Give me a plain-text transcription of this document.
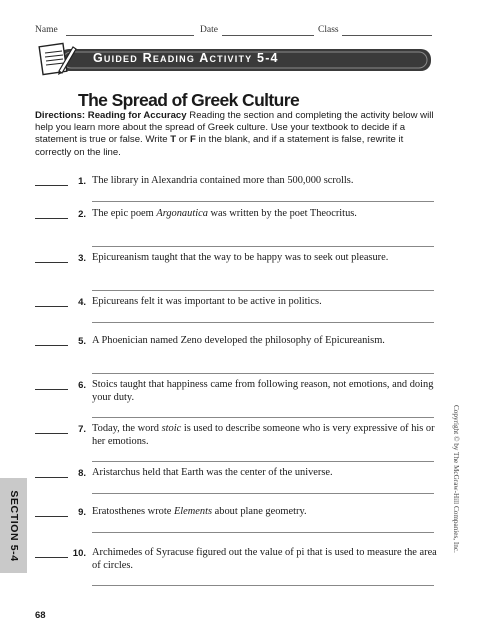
Name	Date	Class
Guided Reading Activity 5-4
The Spread of Greek Culture
Directions: Reading for Accuracy Reading the section and completing the activity below will help you learn more about the spread of Greek culture. Use your textbook to decide if a statement is true or false. Write T or F in the blank, and if a statement is false, rewrite it correctly on the line.
1. The library in Alexandria contained more than 500,000 scrolls.
2. The epic poem Argonautica was written by the poet Theocritus.
3. Epicureanism taught that the way to be happy was to seek out pleasure.
4. Epicureans felt it was important to be active in politics.
5. A Phoenician named Zeno developed the philosophy of Epicureanism.
6. Stoics taught that happiness came from following reason, not emotions, and doing your duty.
7. Today, the word stoic is used to describe someone who is very expressive of his or her emotions.
8. Aristarchus held that Earth was the center of the universe.
9. Eratosthenes wrote Elements about plane geometry.
10. Archimedes of Syracuse figured out the value of pi that is used to measure the area of circles.
SECTION 5-4	Copyright © by The McGraw-Hill Companies, Inc.
68
